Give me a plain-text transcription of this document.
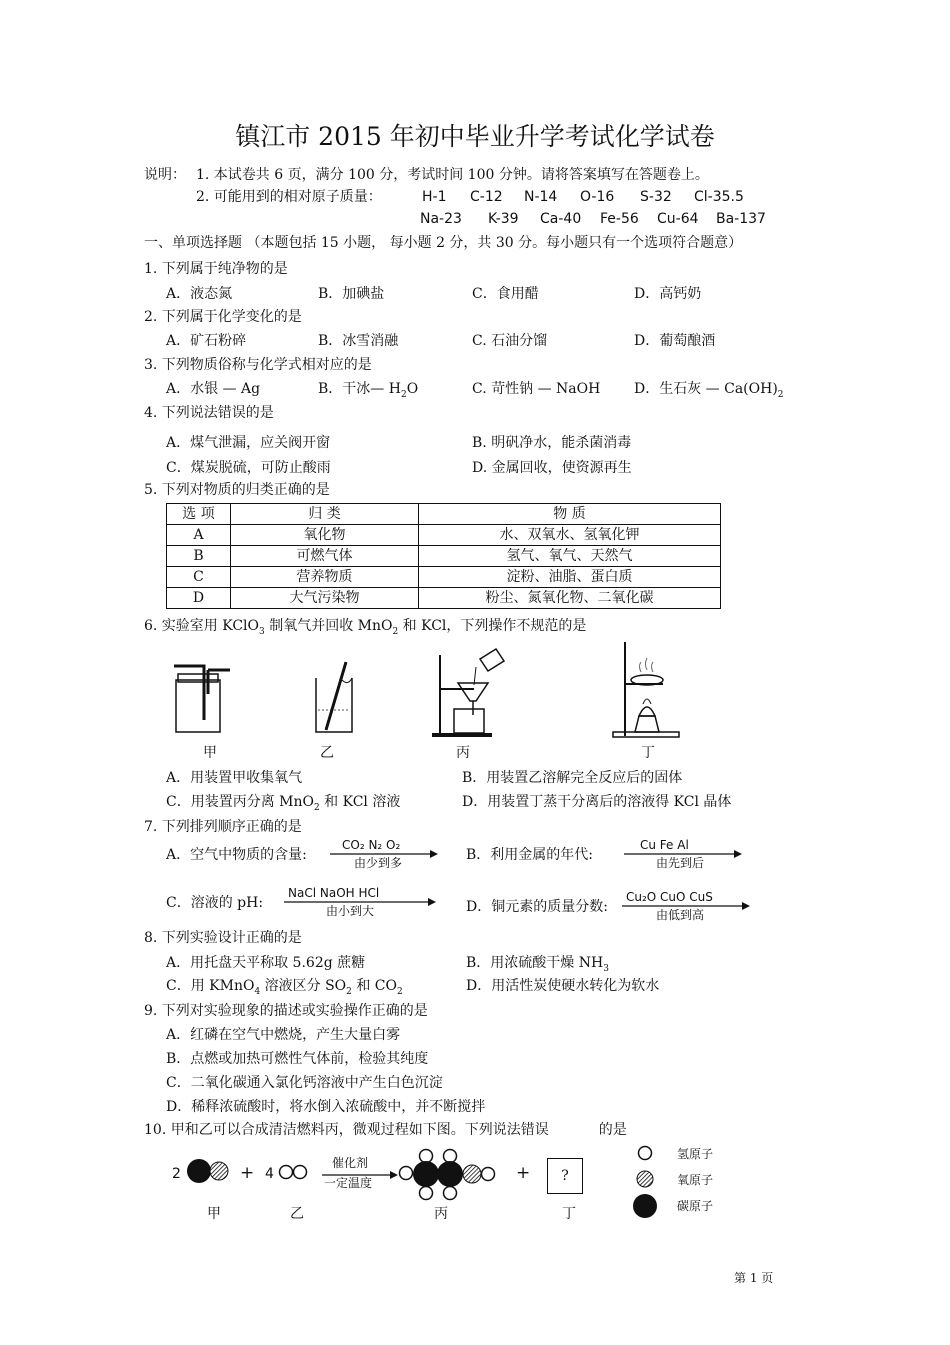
镇江市 2015 年初中毕业升学考试化学试卷
说明： 1. 本试卷共 6 页，满分 100 分，考试时间 100 分钟。请将答案填写在答题卷上。
2. 可能用到的相对原子质量：	H-1 C-12 N-14 O-16 S-32 Cl-35.5
Na-23 K-39 Ca-40 Fe-56 Cu-64 Ba-137
一、单项选择题 （本题包括 15 小题， 每小题 2 分，共 30 分。每小题只有一个选项符合题意）
1. 下列属于纯净物的是
A．液态氮	B．加碘盐	C．食用醋	D．高钙奶
2. 下列属于化学变化的是
A．矿石粉碎	B．冰雪消融	C. 石油分馏	D．葡萄酿酒
3. 下列物质俗称与化学式相对应的是
A．水银 — Ag	B．干冰— $H_2O$	C. 苛性钠 — NaOH D．生石灰 — $Ca(OH)_2$
4. 下列说法错误的是
A．煤气泄漏，应关阀开窗	B. 明矾净水，能杀菌消毒
C．煤炭脱硫，可防止酸雨	D. 金属回收，使资源再生
5. 下列对物质的归类正确的是
选 项	归 类	物 质
A	氧化物	水、双氧水、氢氧化钾
B	可燃气体	氢气、氧气、天然气
C	营养物质	淀粉、油脂、蛋白质
D	大气污染物	粉尘、氮氧化物、二氧化碳
6. 实验室用 KClO$_3$ 制氧气并回收 MnO$_2$ 和 KCl，下列操作不规范的是
甲	乙	丙	丁
A．用装置甲收集氧气	B．用装置乙溶解完全反应后的固体
C．用装置丙分离 MnO$_2$ 和 KCl 溶液	D．用装置丁蒸干分离后的溶液得 KCl 晶体
7. 下列排列顺序正确的是
A．空气中物质的含量:
CO₂ N₂ O₂
由少到多	B．利用金属的年代:
Cu Fe Al
由先到后
C．溶液的 pH:
NaCl NaOH HCl
由小到大	D．铜元素的质量分数:
Cu₂O CuO CuS
由低到高
8. 下列实验设计正确的是
A．用托盘天平称取 5.62g 蔗糖	B．用浓硫酸干燥 $NH_3$
C．用 KMnO$_4$ 溶液区分 $SO_2$ 和 $CO_2$	D．用活性炭使硬水转化为软水
9. 下列对实验现象的描述或实验操作正确的是
A．红磷在空气中燃烧，产生大量白雾
B．点燃或加热可燃性气体前，检验其纯度
C．二氧化碳通入氯化钙溶液中产生白色沉淀
D．稀释浓硫酸时，将水倒入浓硫酸中，并不断搅拌
10. 甲和乙可以合成清洁燃料丙，微观过程如下图。下列说法错误	的是
2	+ 4
催化剂
一定温度	+ ?
甲	乙	丙	丁
氢原子
氧原子
碳原子
第 1 页
